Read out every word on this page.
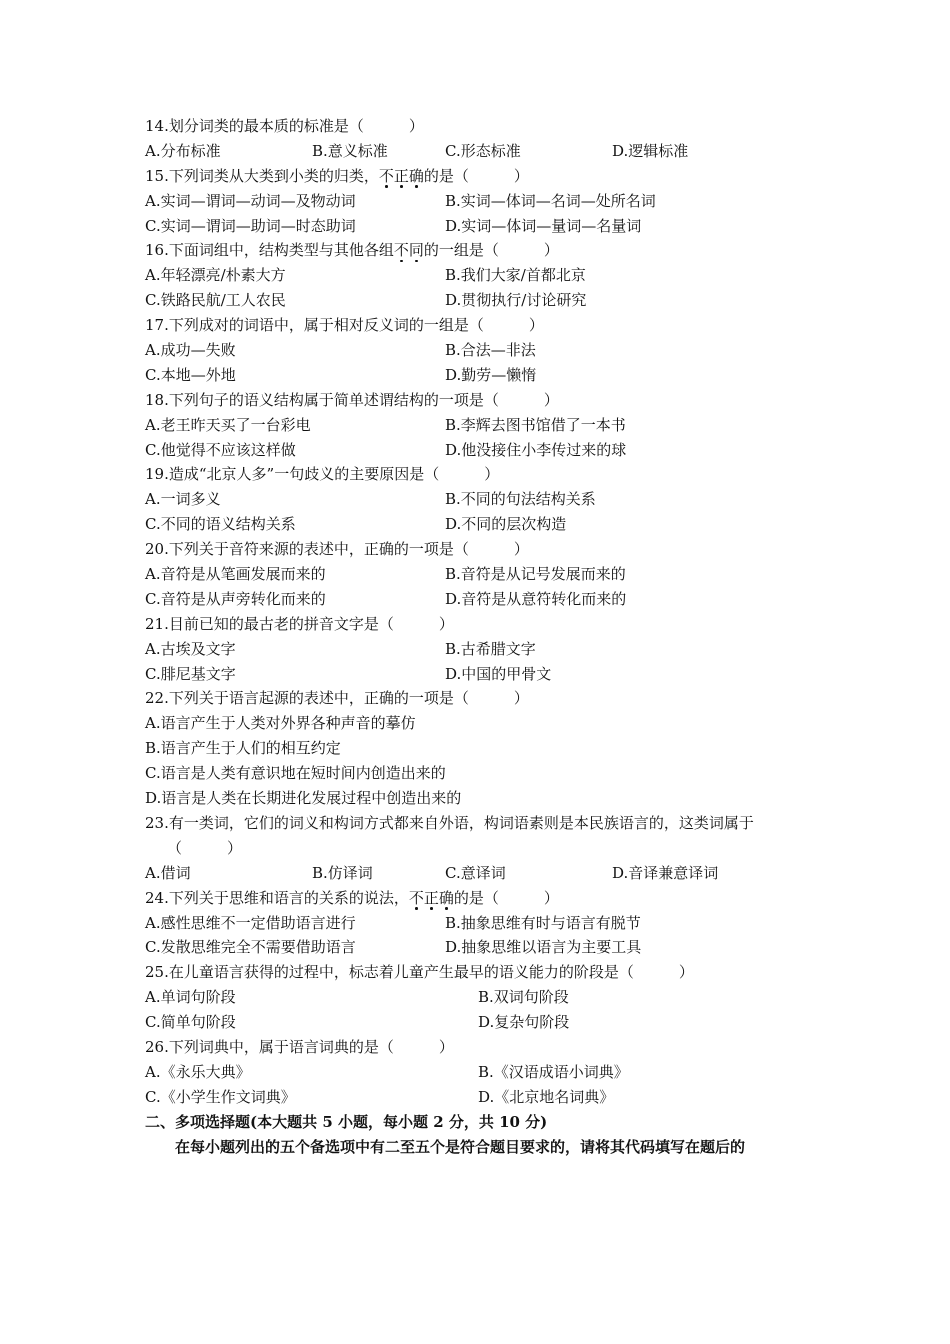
14.划分词类的最本质的标准是（　　　）
A.分布标准	B.意义标准	C.形态标准	D.逻辑标准
15.下列词类从大类到小类的归类，不正确的是（　　　）
A.实词—谓词—动词—及物动词	B.实词—体词—名词—处所名词
C.实词—谓词—助词—时态助词	D.实词—体词—量词—名量词
16.下面词组中，结构类型与其他各组不同的一组是（　　　）
A.年轻漂亮/朴素大方	B.我们大家/首都北京
C.铁路民航/工人农民	D.贯彻执行/讨论研究
17.下列成对的词语中，属于相对反义词的一组是（　　　）
A.成功—失败	B.合法—非法
C.本地—外地	D.勤劳—懒惰
18.下列句子的语义结构属于简单述谓结构的一项是（　　　）
A.老王昨天买了一台彩电	B.李辉去图书馆借了一本书
C.他觉得不应该这样做	D.他没接住小李传过来的球
19.造成“北京人多”一句歧义的主要原因是（　　　）
A.一词多义	B.不同的句法结构关系
C.不同的语义结构关系	D.不同的层次构造
20.下列关于音符来源的表述中，正确的一项是（　　　）
A.音符是从笔画发展而来的	B.音符是从记号发展而来的
C.音符是从声旁转化而来的	D.音符是从意符转化而来的
21.目前已知的最古老的拼音文字是（　　　）
A.古埃及文字	B.古希腊文字
C.腓尼基文字	D.中国的甲骨文
22.下列关于语言起源的表述中，正确的一项是（　　　）
A.语言产生于人类对外界各种声音的摹仿
B.语言产生于人们的相互约定
C.语言是人类有意识地在短时间内创造出来的
D.语言是人类在长期进化发展过程中创造出来的
23.有一类词，它们的词义和构词方式都来自外语，构词语素则是本民族语言的，这类词属于
（　　　）
A.借词	B.仿译词	C.意译词	D.音译兼意译词
24.下列关于思维和语言的关系的说法，不正确的是（　　　）
A.感性思维不一定借助语言进行	B.抽象思维有时与语言有脱节
C.发散思维完全不需要借助语言	D.抽象思维以语言为主要工具
25.在儿童语言获得的过程中，标志着儿童产生最早的语义能力的阶段是（　　　）
A.单词句阶段	B.双词句阶段
C.简单句阶段	D.复杂句阶段
26.下列词典中，属于语言词典的是（　　　）
A.《永乐大典》	B.《汉语成语小词典》
C.《小学生作文词典》	D.《北京地名词典》
二、多项选择题(本大题共 5 小题，每小题 2 分，共 10 分)
在每小题列出的五个备选项中有二至五个是符合题目要求的，请将其代码填写在题后的
